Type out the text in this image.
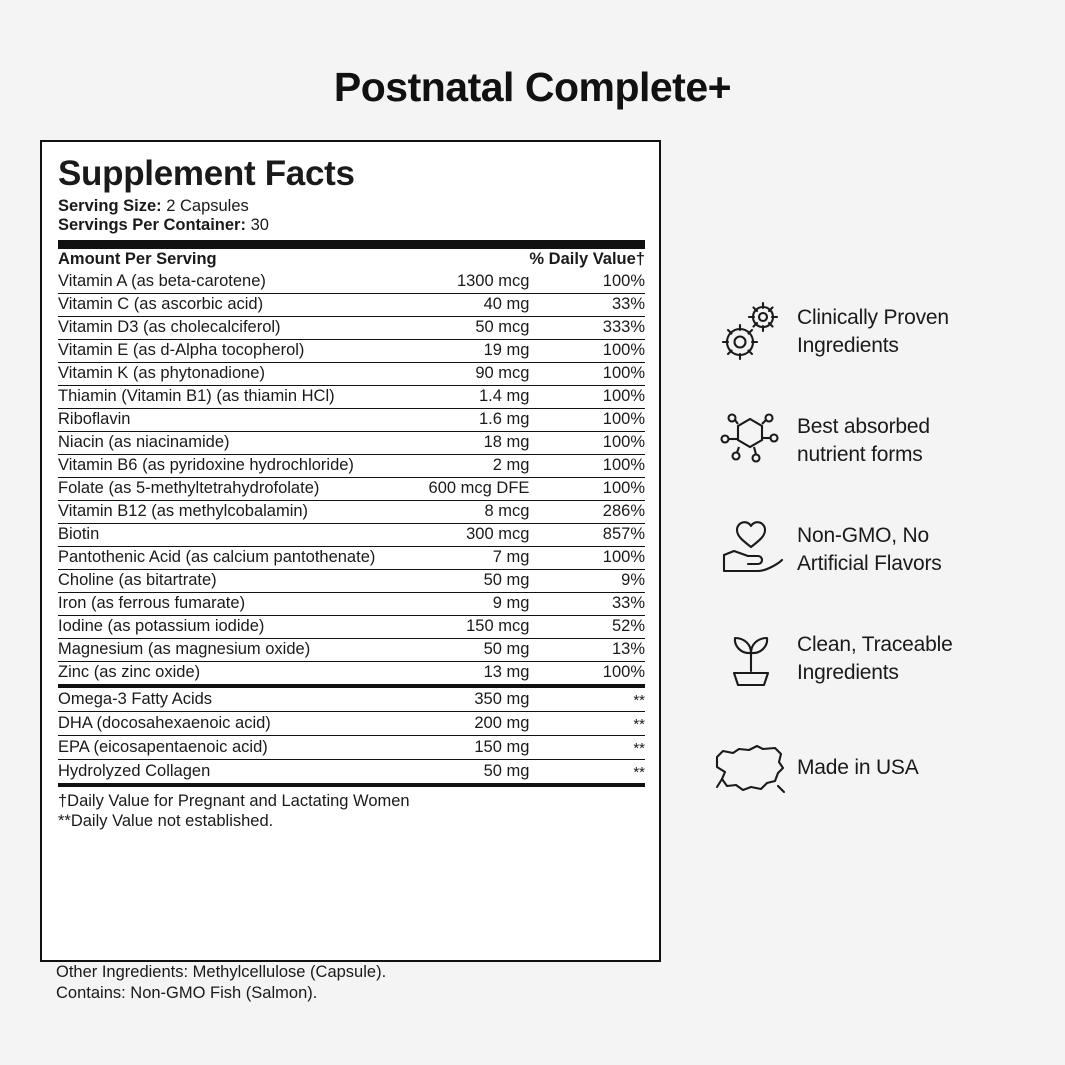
Postnatal Complete+
Supplement Facts
Serving Size: 2 Capsules
Servings Per Container: 30
Amount Per Serving		% Daily Value†
Vitamin A (as beta-carotene)	1300 mcg	100%
Vitamin C (as ascorbic acid)	40 mg	33%
Vitamin D3 (as cholecalciferol)	50 mcg	333%
Vitamin E (as d-Alpha tocopherol)	19 mg	100%
Vitamin K (as phytonadione)	90 mcg	100%
Thiamin (Vitamin B1) (as thiamin HCl)	1.4 mg	100%
Riboflavin	1.6 mg	100%
Niacin (as niacinamide)	18 mg	100%
Vitamin B6 (as pyridoxine hydrochloride)	2 mg	100%
Folate (as 5-methyltetrahydrofolate)	600 mcg DFE	100%
Vitamin B12 (as methylcobalamin)	8 mcg	286%
Biotin	300 mcg	857%
Pantothenic Acid (as calcium pantothenate)	7 mg	100%
Choline (as bitartrate)	50 mg	9%
Iron (as ferrous fumarate)	9 mg	33%
Iodine (as potassium iodide)	150 mcg	52%
Magnesium (as magnesium oxide)	50 mg	13%
Zinc (as zinc oxide)	13 mg	100%
Omega-3 Fatty Acids	350 mg	**
DHA (docosahexaenoic acid)	200 mg	**
EPA (eicosapentaenoic acid)	150 mg	**
Hydrolyzed Collagen	50 mg	**
†Daily Value for Pregnant and Lactating Women
**Daily Value not established.
Other Ingredients: Methylcellulose (Capsule).
Contains: Non-GMO Fish (Salmon).
Clinically Proven
Ingredients
Best absorbed
nutrient forms
Non-GMO, No
Artificial Flavors
Clean, Traceable
Ingredients
Made in USA
